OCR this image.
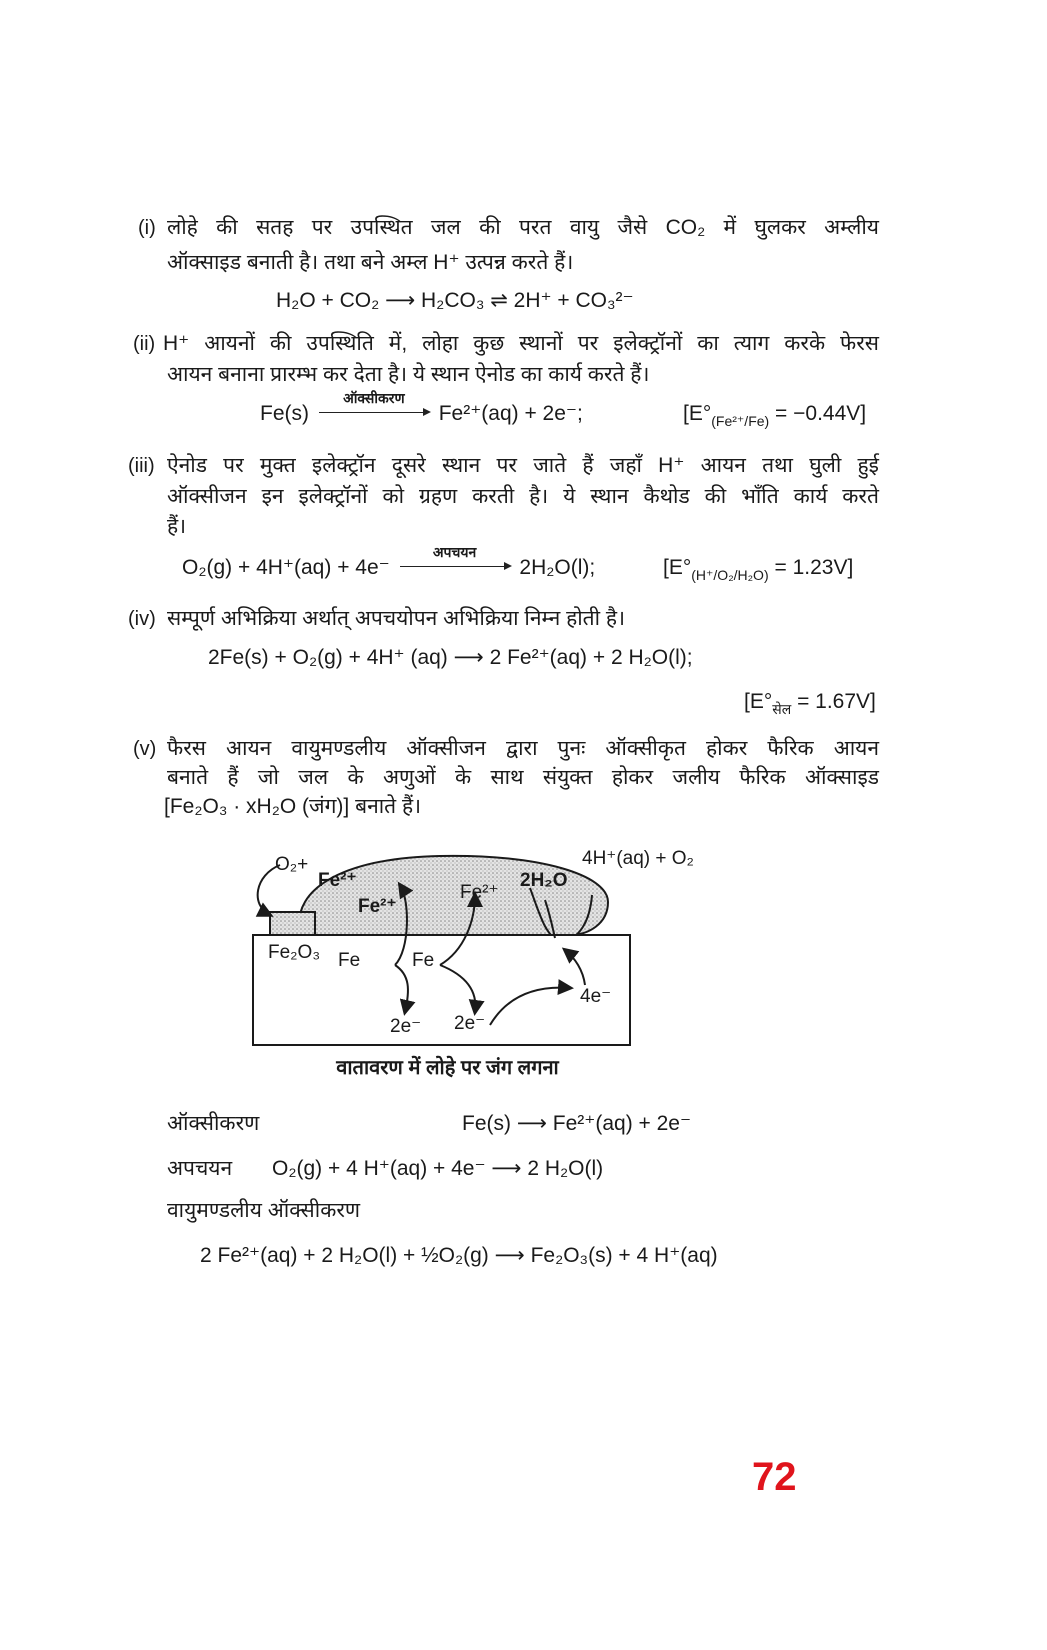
(i) लोहे की सतह पर उपस्थित जल की परत वायु जैसे CO₂ में घुलकर अम्लीय
ऑक्साइड बनाती है। तथा बने अम्ल H⁺ उत्पन्न करते हैं।
H₂O + CO₂ ⟶ H₂CO₃ ⇌ 2H⁺ + CO₃²⁻
(ii) H⁺ आयनों की उपस्थिति में, लोहा कुछ स्थानों पर इलेक्ट्रॉनों का त्याग करके फेरस
आयन बनाना प्रारम्भ कर देता है। ये स्थान ऐनोड का कार्य करते हैं।
Fe(s)
ऑक्सीकरण
Fe²⁺(aq) + 2e⁻;	$[E^\circ_{(Fe^{2+}/Fe)} = -0.44V]$
(iii) ऐनोड पर मुक्त इलेक्ट्रॉन दूसरे स्थान पर जाते हैं जहाँ H⁺ आयन तथा घुली हुई
ऑक्सीजन इन इलेक्ट्रॉनों को ग्रहण करती है। ये स्थान कैथोड की भाँति कार्य करते
हैं।
O₂(g) + 4H⁺(aq) + 4e⁻
अपचयन
2H₂O(l);	$[E^\circ_{(H^+/O_2/H_2O)} = 1.23V]$
(iv) सम्पूर्ण अभिक्रिया अर्थात् अपचयोपन अभिक्रिया निम्न होती है।
2Fe(s) + O₂(g) + 4H⁺ (aq) ⟶ 2 Fe²⁺(aq) + 2 H₂O(l);
$[E^\circ_{सेल} = 1.67V]$
(v) फैरस आयन वायुमण्डलीय ऑक्सीजन द्वारा पुनः ऑक्सीकृत होकर फैरिक आयन
बनाते हैं जो जल के अणुओं के साथ संयुक्त होकर जलीय फैरिक ऑक्साइड
[Fe₂O₃ · xH₂O (जंग)] बनाते हैं।
O₂+
Fe²⁺
Fe²⁺
Fe²⁺
2H₂O
4H⁺(aq) + O₂
Fe₂O₃ Fe	Fe
2e⁻ 2e⁻
4e⁻
वातावरण में लोहे पर जंग लगना
ऑक्सीकरण	Fe(s) ⟶ Fe²⁺(aq) + 2e⁻
अपचयन O₂(g) + 4 H⁺(aq) + 4e⁻ ⟶ 2 H₂O(l)
वायुमण्डलीय ऑक्सीकरण
2 Fe²⁺(aq) + 2 H₂O(l) + ½O₂(g) ⟶ Fe₂O₃(s) + 4 H⁺(aq)
72
